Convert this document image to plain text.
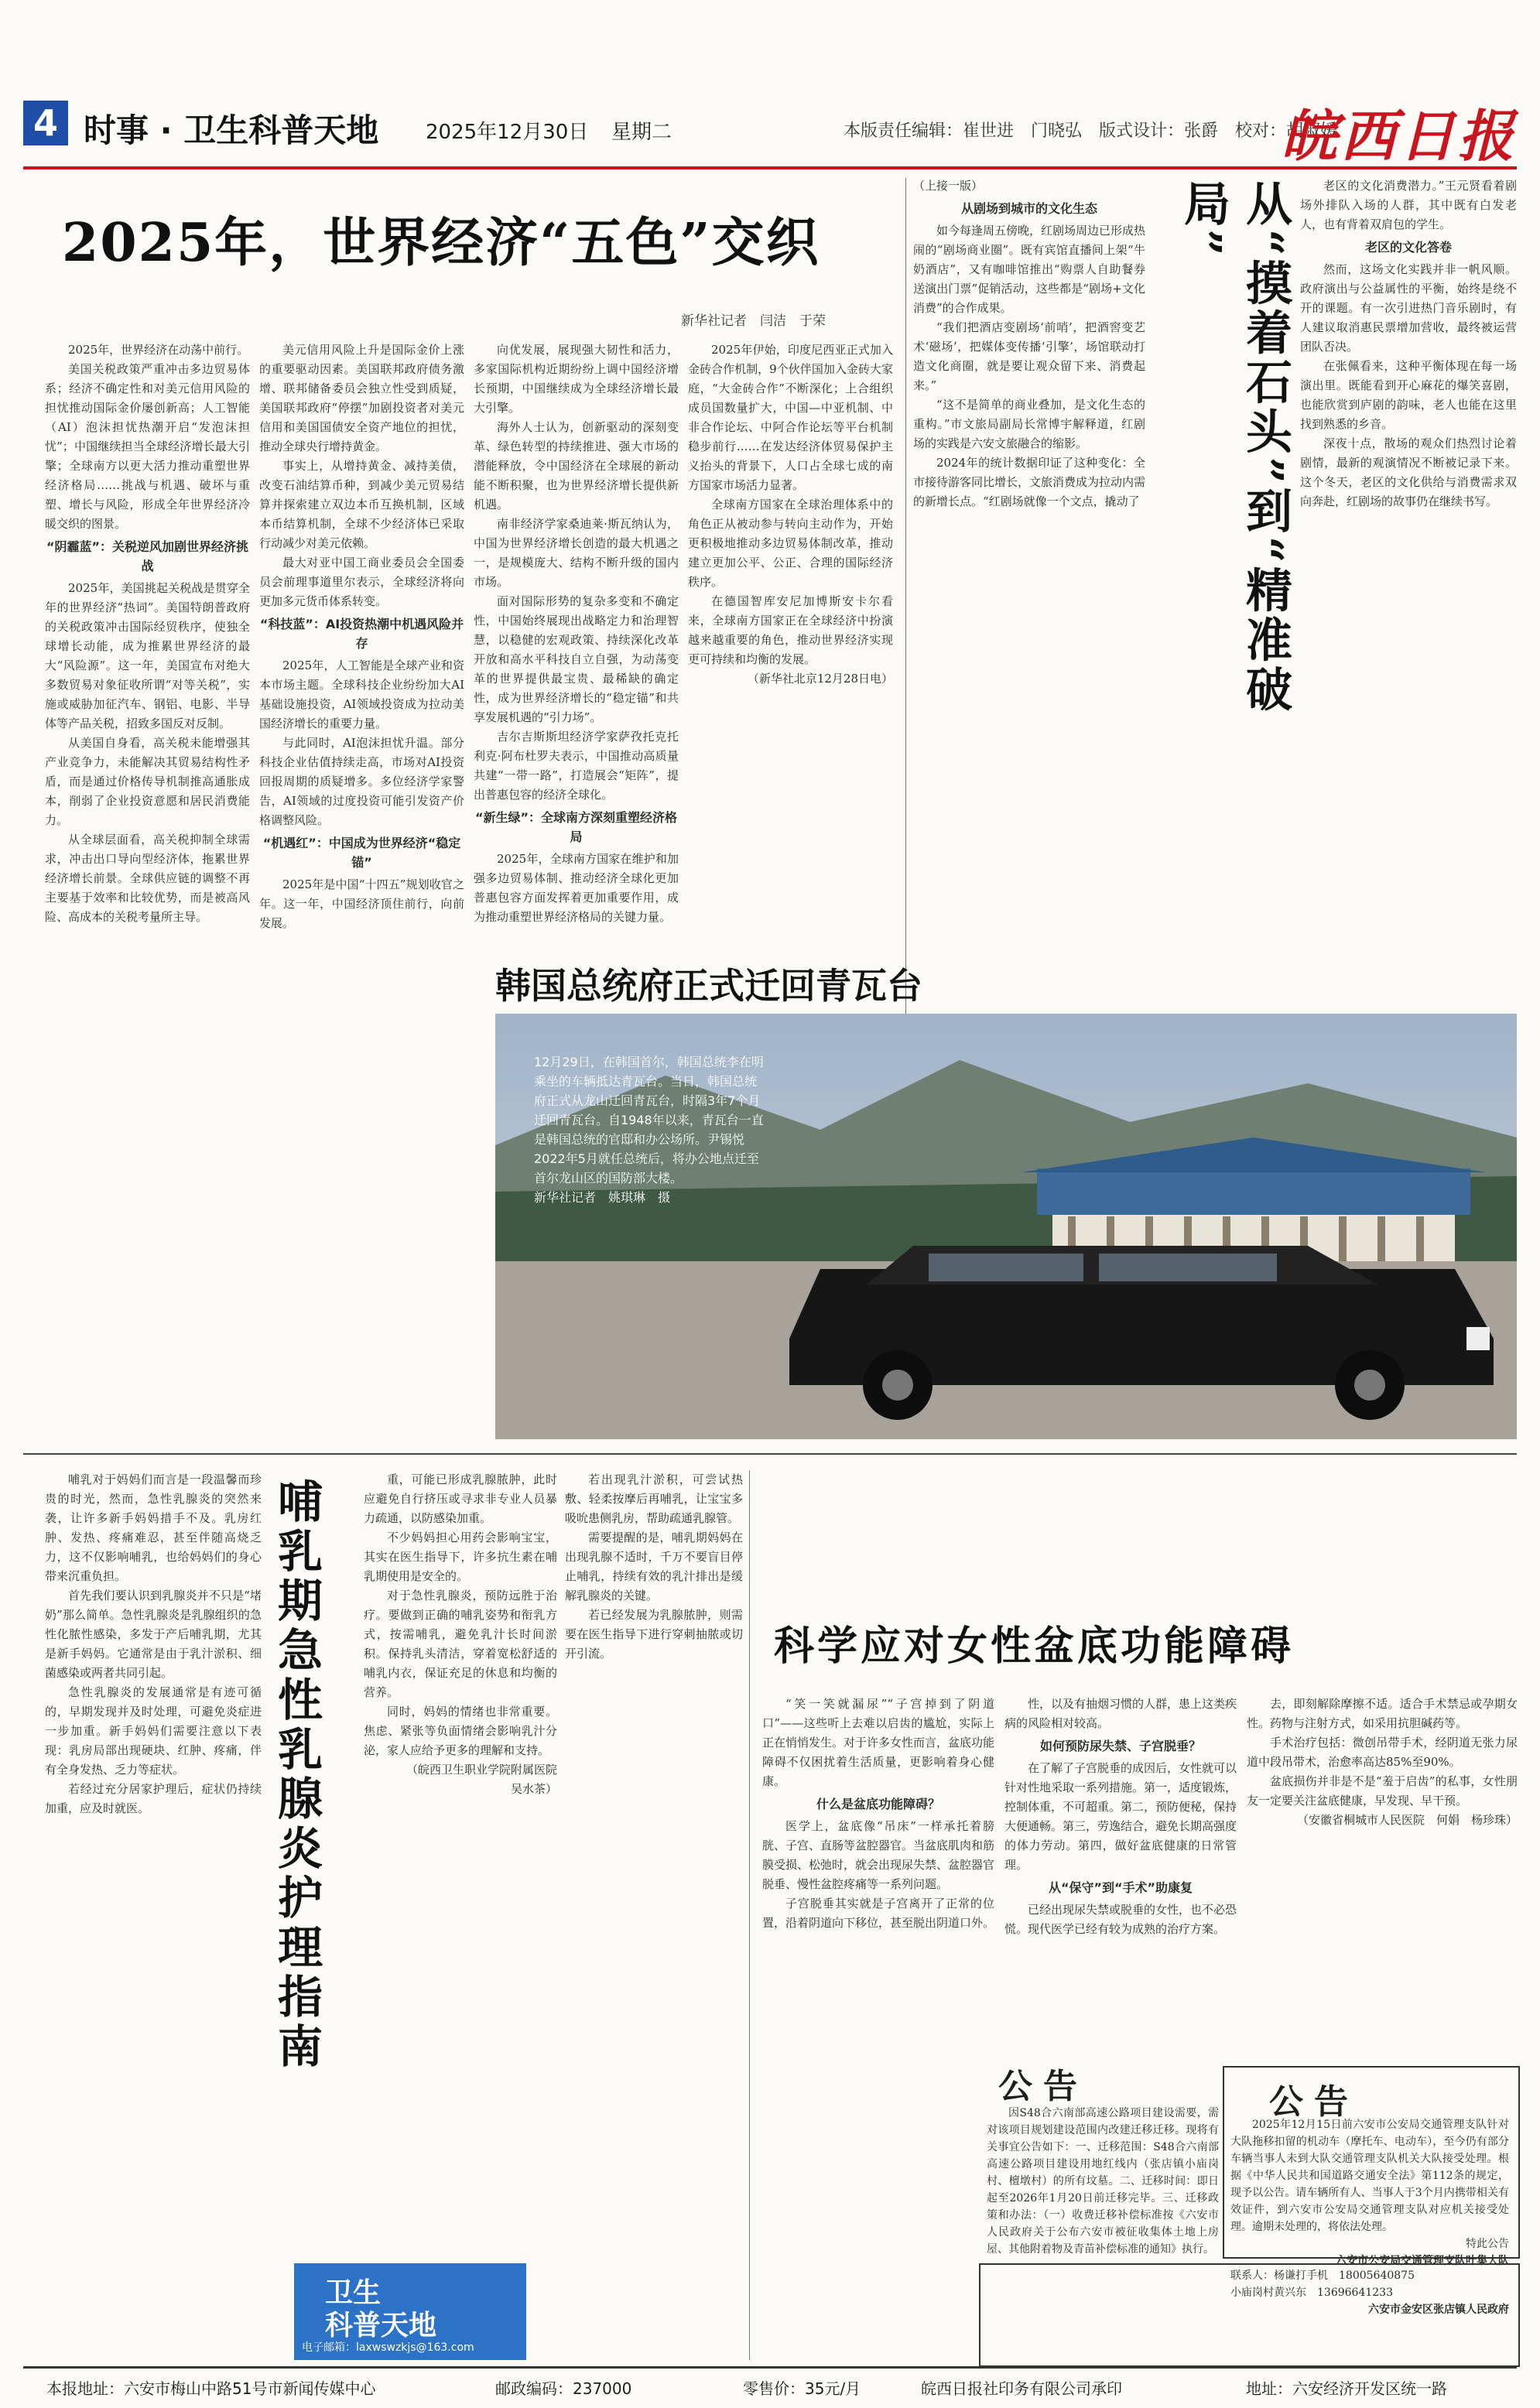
4 时事 · 卫生科普天地 2025年12月30日 星期二	本版责任编辑：崔世进　门晓弘　版式设计：张爵　校对：胡淑媛
皖西日报
2025年，世界经济“五色”交织
新华社记者　闫洁　于荣

2025年，世界经济在动荡中前行。

美国关税政策严重冲击多边贸易体系；经济不确定性和对美元信用风险的担忧推动国际金价屡创新高；人工智能（AI）泡沫担忧热潮开启“发泡沫担忧”；中国继续担当全球经济增长最大引擎；全球南方以更大活力推动重塑世界经济格局……挑战与机遇、破坏与重塑、增长与风险，形成全年世界经济冷暖交织的图景。

“阴霾蓝”：关税逆风加剧世界经济挑战

2025年，美国挑起关税战是贯穿全年的世界经济“热词”。美国特朗普政府的关税政策冲击国际经贸秩序，使独全球增长动能，成为推累世界经济的最大“风险源”。这一年，美国宣布对绝大多数贸易对象征收所谓“对等关税”，实施或威胁加征汽车、钢铝、电影、半导体等产品关税，招致多国反对反制。

从美国自身看，高关税未能增强其产业竞争力，未能解决其贸易结构性矛盾，而是通过价格传导机制推高通胀成本，削弱了企业投资意愿和居民消费能力。

从全球层面看，高关税抑制全球需求，冲击出口导向型经济体，拖累世界经济增长前景。全球供应链的调整不再主要基于效率和比较优势，而是被高风险、高成本的关税考量所主导。

美元信用风险上升是国际金价上涨的重要驱动因素。美国联邦政府债务激增、联邦储备委员会独立性受到质疑，美国联邦政府“停摆”加剧投资者对美元信用和美国国债安全资产地位的担忧，推动全球央行增持黄金。

事实上，从增持黄金、减持美债，改变石油结算币种，到减少美元贸易结算并探索建立双边本币互换机制，区域本币结算机制，全球不少经济体已采取行动减少对美元依赖。

最大对亚中国工商业委员会全国委员会前理事道里尔表示，全球经济将向更加多元货币体系转变。

“科技蓝”：AI投资热潮中机遇风险并存

2025年，人工智能是全球产业和资本市场主题。全球科技企业纷纷加大AI基础设施投资，AI领域投资成为拉动美国经济增长的重要力量。

与此同时，AI泡沫担忧升温。部分科技企业估值持续走高，市场对AI投资回报周期的质疑增多。多位经济学家警告，AI领域的过度投资可能引发资产价格调整风险。

“机遇红”：中国成为世界经济“稳定锚”

2025年是中国“十四五”规划收官之年。这一年，中国经济顶住前行，向前发展。

向优发展，展现强大韧性和活力，多家国际机构近期纷纷上调中国经济增长预期，中国继续成为全球经济增长最大引擎。

海外人士认为，创新驱动的深刻变革、绿色转型的持续推进、强大市场的潜能释放，令中国经济在全球展的新动能不断积聚，也为世界经济增长提供新机遇。

南非经济学家桑迪莱·斯瓦纳认为，中国为世界经济增长创造的最大机遇之一，是规模庞大、结构不断升级的国内市场。

面对国际形势的复杂多变和不确定性，中国始终展现出战略定力和治理智慧，以稳健的宏观政策、持续深化改革开放和高水平科技自立自强，为动荡变革的世界提供最宝贵、最稀缺的确定性，成为世界经济增长的“稳定锚”和共享发展机遇的“引力场”。

吉尔吉斯斯坦经济学家萨孜托克托利克·阿布杜罗夫表示，中国推动高质量共建“一带一路”，打造展会“矩阵”，提出普惠包容的经济全球化。

“新生绿”：全球南方深刻重塑经济格局

2025年，全球南方国家在维护和加强多边贸易体制、推动经济全球化更加普惠包容方面发挥着更加重要作用，成为推动重塑世界经济格局的关键力量。

2025年伊始，印度尼西亚正式加入金砖合作机制，9个伙伴国加入金砖大家庭，“大金砖合作”不断深化；上合组织成员国数量扩大，中国—中亚机制、中非合作论坛、中阿合作论坛等平台机制稳步前行……在发达经济体贸易保护主义抬头的背景下，人口占全球七成的南方国家市场活力显著。

全球南方国家在全球治理体系中的角色正从被动参与转向主动作为，开始更积极地推动多边贸易体制改革，推动建立更加公平、公正、合理的国际经济秩序。

在德国智库安尼加博斯安卡尔看来，全球南方国家正在全球经济中扮演越来越重要的角色，推动世界经济实现更可持续和均衡的发展。

（新华社北京12月28日电）

（上接一版）

从剧场到城市的文化生态

如今每逢周五傍晚，红剧场周边已形成热闹的“剧场商业圈”。既有宾馆直播间上架“牛奶酒店”，又有咖啡馆推出“购票人自助餐券送演出门票”促销活动，这些都是“剧场+文化消费”的合作成果。

“我们把酒店变剧场‘前哨’，把酒窖变艺术‘磁场’，把媒体变传播‘引擎’，场馆联动打造文化商圈，就是要让观众留下来、消费起来。”

“这不是简单的商业叠加，是文化生态的重构。”市文旅局副局长常博宇解释道，红剧场的实践是六安文旅融合的缩影。

2024年的统计数据印证了这种变化：全市接待游客同比增长，文旅消费成为拉动内需的新增长点。“红剧场就像一个文点，撬动了	从“摸着石头”到“精准破局”	老区的文化消费潜力。”王元贤看着剧场外排队入场的人群，其中既有白发老人，也有背着双肩包的学生。

老区的文化答卷

然而，这场文化实践并非一帆风顺。政府演出与公益属性的平衡，始终是绕不开的课题。有一次引进热门音乐剧时，有人建议取消惠民票增加营收，最终被运营团队否决。

在张佩看来，这种平衡体现在每一场演出里。既能看到开心麻花的爆笑喜剧，也能欣赏到庐剧的韵味，老人也能在这里找到熟悉的乡音。

深夜十点，散场的观众们热烈讨论着剧情，最新的观演情况不断被记录下来。这个冬天，老区的文化供给与消费需求双向奔赴，红剧场的故事仍在继续书写。

韩国总统府正式迁回青瓦台
12月29日，在韩国首尔，韩国总统李在明乘坐的车辆抵达青瓦台。当日，韩国总统府正式从龙山迁回青瓦台，时隔3年7个月迁回青瓦台。自1948年以来，青瓦台一直是韩国总统的官邸和办公场所。尹锡悦2022年5月就任总统后，将办公地点迁至首尔龙山区的国防部大楼。
新华社记者　姚琪琳　摄

哺乳对于妈妈们而言是一段温馨而珍贵的时光，然而，急性乳腺炎的突然来袭，让许多新手妈妈措手不及。乳房红肿、发热、疼痛难忍，甚至伴随高烧乏力，这不仅影响哺乳，也给妈妈们的身心带来沉重负担。

首先我们要认识到乳腺炎并不只是“堵奶”那么简单。急性乳腺炎是乳腺组织的急性化脓性感染，多发于产后哺乳期，尤其是新手妈妈。它通常是由于乳汁淤积、细菌感染或两者共同引起。

急性乳腺炎的发展通常是有迹可循的，早期发现并及时处理，可避免炎症进一步加重。新手妈妈们需要注意以下表现：乳房局部出现硬块、红肿、疼痛，伴有全身发热、乏力等症状。

若经过充分居家护理后，症状仍持续加重，应及时就医。	哺乳期急性乳腺炎护理指南	重，可能已形成乳腺脓肿，此时应避免自行挤压或寻求非专业人员暴力疏通，以防感染加重。

不少妈妈担心用药会影响宝宝，其实在医生指导下，许多抗生素在哺乳期使用是安全的。

对于急性乳腺炎，预防远胜于治疗。要做到正确的哺乳姿势和衔乳方式，按需哺乳，避免乳汁长时间淤积。保持乳头清洁，穿着宽松舒适的哺乳内衣，保证充足的休息和均衡的营养。

同时，妈妈的情绪也非常重要。焦虑、紧张等负面情绪会影响乳汁分泌，家人应给予更多的理解和支持。

（皖西卫生职业学院附属医院　吴水茶）

若出现乳汁淤积，可尝试热敷、轻柔按摩后再哺乳，让宝宝多吸吮患侧乳房，帮助疏通乳腺管。

需要提醒的是，哺乳期妈妈在出现乳腺不适时，千万不要盲目停止哺乳，持续有效的乳汁排出是缓解乳腺炎的关键。

若已经发展为乳腺脓肿，则需要在医生指导下进行穿刺抽脓或切开引流。

卫生
科普天地
电子邮箱：laxwswzkjs@163.com
科学应对女性盆底功能障碍

“笑一笑就漏尿”“子宫掉到了阴道口”——这些听上去难以启齿的尴尬，实际上正在悄悄发生。对于许多女性而言，盆底功能障碍不仅困扰着生活质量，更影响着身心健康。

什么是盆底功能障碍？

医学上，盆底像“吊床”一样承托着膀胱、子宫、直肠等盆腔器官。当盆底肌肉和筋膜受损、松弛时，就会出现尿失禁、盆腔器官脱垂、慢性盆腔疼痛等一系列问题。

子宫脱垂其实就是子宫离开了正常的位置，沿着阴道向下移位，甚至脱出阴道口外。

性，以及有抽烟习惯的人群，患上这类疾病的风险相对较高。

如何预防尿失禁、子宫脱垂？

在了解了子宫脱垂的成因后，女性就可以针对性地采取一系列措施。第一，适度锻炼，控制体重，不可超重。第二，预防便秘，保持大便通畅。第三，劳逸结合，避免长期高强度的体力劳动。第四，做好盆底健康的日常管理。

从“保守”到“手术”助康复

已经出现尿失禁或脱垂的女性，也不必恐慌。现代医学已经有较为成熟的治疗方案。

去，即刻解除摩擦不适。适合手术禁忌或孕期女性。药物与注射方式，如采用抗胆碱药等。

手术治疗包括：微创吊带手术，经阴道无张力尿道中段吊带术，治愈率高达85%至90%。

盆底损伤并非是不是“羞于启齿”的私事，女性朋友一定要关注盆底健康，早发现、早干预。

（安徽省桐城市人民医院　何娟　杨珍珠）

公告

2025年12月15日前六安市公安局交通管理支队针对大队拖移扣留的机动车（摩托车、电动车），至今仍有部分车辆当事人未到大队交通管理支队机关大队接受处理。根据《中华人民共和国道路交通安全法》第112条的规定，现予以公告。请车辆所有人、当事人于3个月内携带相关有效证件，到六安市公安局交通管理支队对应机关接受处理。逾期未处理的，将依法处理。

特此公告

六安市公安局交通管理支队叶集大队

公告

因S48合六南部高速公路项目建设需要，需对该项目规划建设范围内改建迁移迁移。现将有关事宜公告如下：一、迁移范围：S48合六南部高速公路项目建设用地红线内（张店镇小庙岗村、檀墩村）的所有坟墓。二、迁移时间：即日起至2026年1月20日前迁移完毕。三、迁移政策和办法：（一）收费迁移补偿标准按《六安市人民政府关于公布六安市被征收集体土地上房屋、其他附着物及青苗补偿标准的通知》执行。

联系人：杨谦打手机　18005640875

小庙岗村黄兴东　13696641233

六安市金安区张店镇人民政府

本报地址：六安市梅山中路51号市新闻传媒中心	邮政编码：237000	零售价：35元/月	皖西日报社印务有限公司承印	地址：六安经济开发区统一路
